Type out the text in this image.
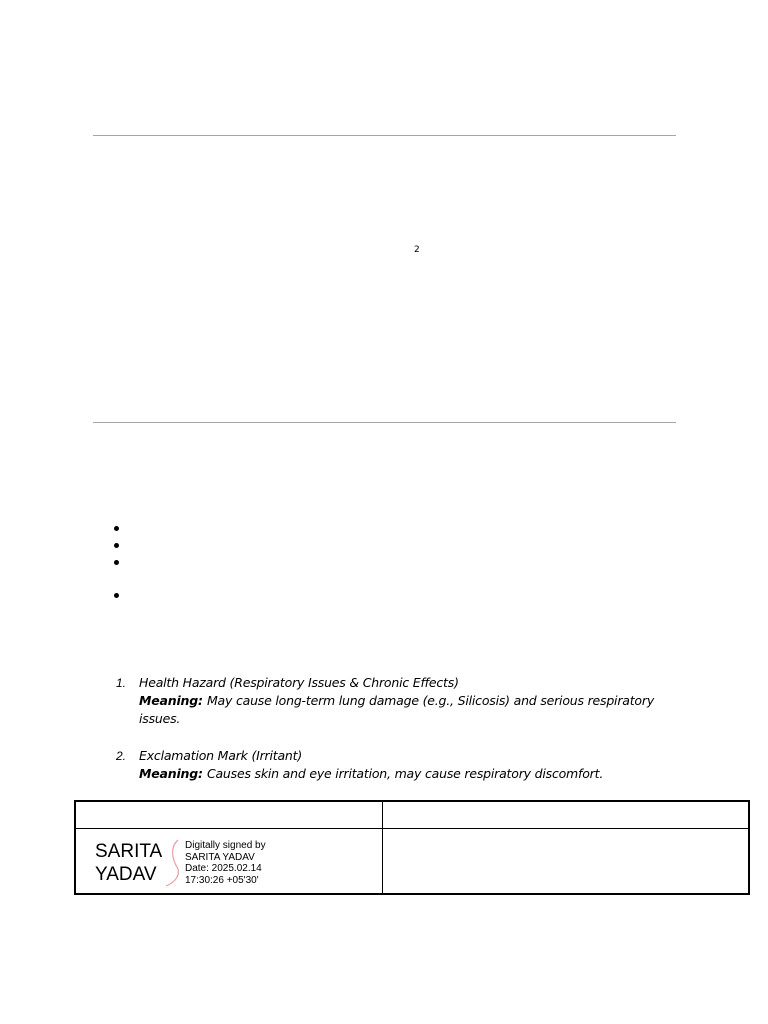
2
1. Health Hazard (Respiratory Issues & Chronic Effects)
Meaning: May cause long-term lung damage (e.g., Silicosis) and serious respiratory issues.
2. Exclamation Mark (Irritant)
Meaning: Causes skin and eye irritation, may cause respiratory discomfort.
SARITA
YADAV
Digitally signed by
SARITA YADAV
Date: 2025.02.14
17:30:26 +05'30'
